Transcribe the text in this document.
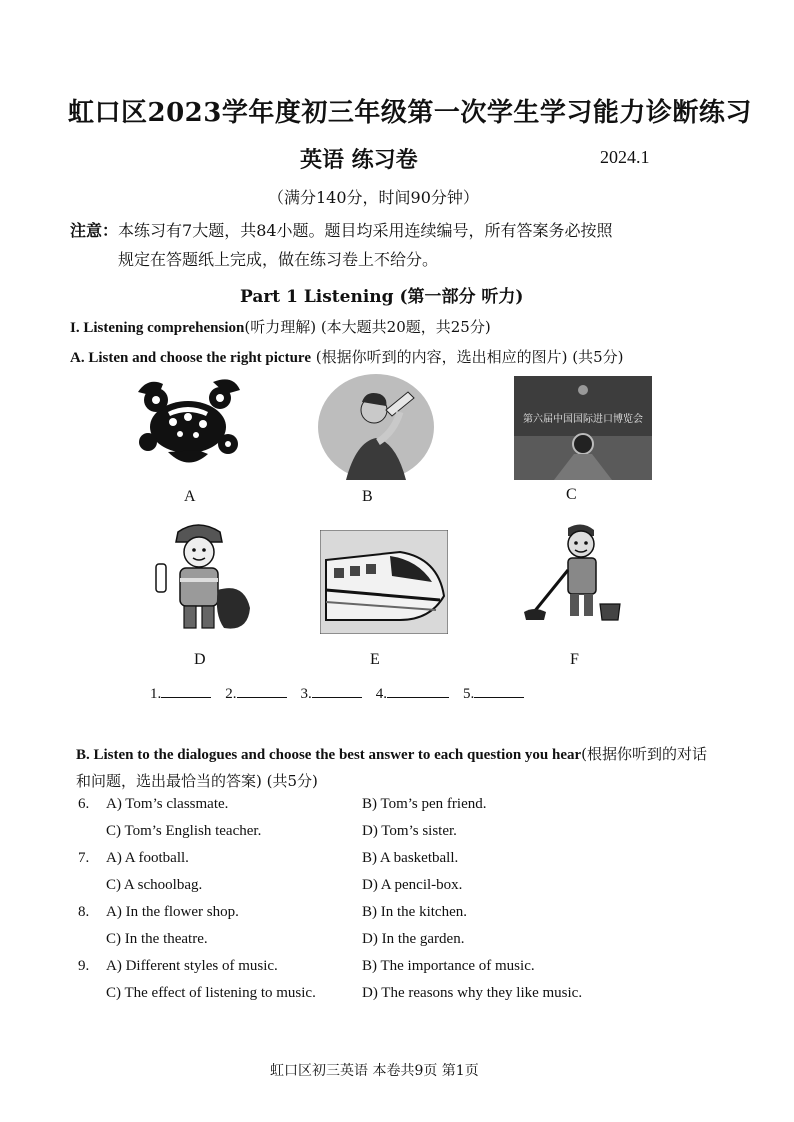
虹口区2023学年度初三年级第一次学生学习能力诊断练习
英语 练习卷	2024.1
（满分140分，时间90分钟）
注意：本练习有7大题，共84小题。题目均采用连续编号，所有答案务必按照
规定在答题纸上完成，做在练习卷上不给分。
Part 1 Listening (第一部分 听力)
I. Listening comprehension(听力理解) (本大题共20题，共25分)
A. Listen and choose the right picture (根据你听到的内容，选出相应的图片) (共5分)
A	B
第六届中国国际进口博览会
C
D	E	F
1.	2.	3.	4.	5.
B. Listen to the dialogues and choose the best answer to each question you hear(根据你听到的对话和问题，选出最恰当的答案) (共5分)
6. A) Tom’s classmate.	B) Tom’s pen friend.
C) Tom’s English teacher.	D) Tom’s sister.
7. A) A football.	B) A basketball.
C) A schoolbag.	D) A pencil-box.
8. A) In the flower shop.	B) In the kitchen.
C) In the theatre.	D) In the garden.
9. A) Different styles of music.	B) The importance of music.
C) The effect of listening to music.	D) The reasons why they like music.
虹口区初三英语 本卷共9页 第1页
